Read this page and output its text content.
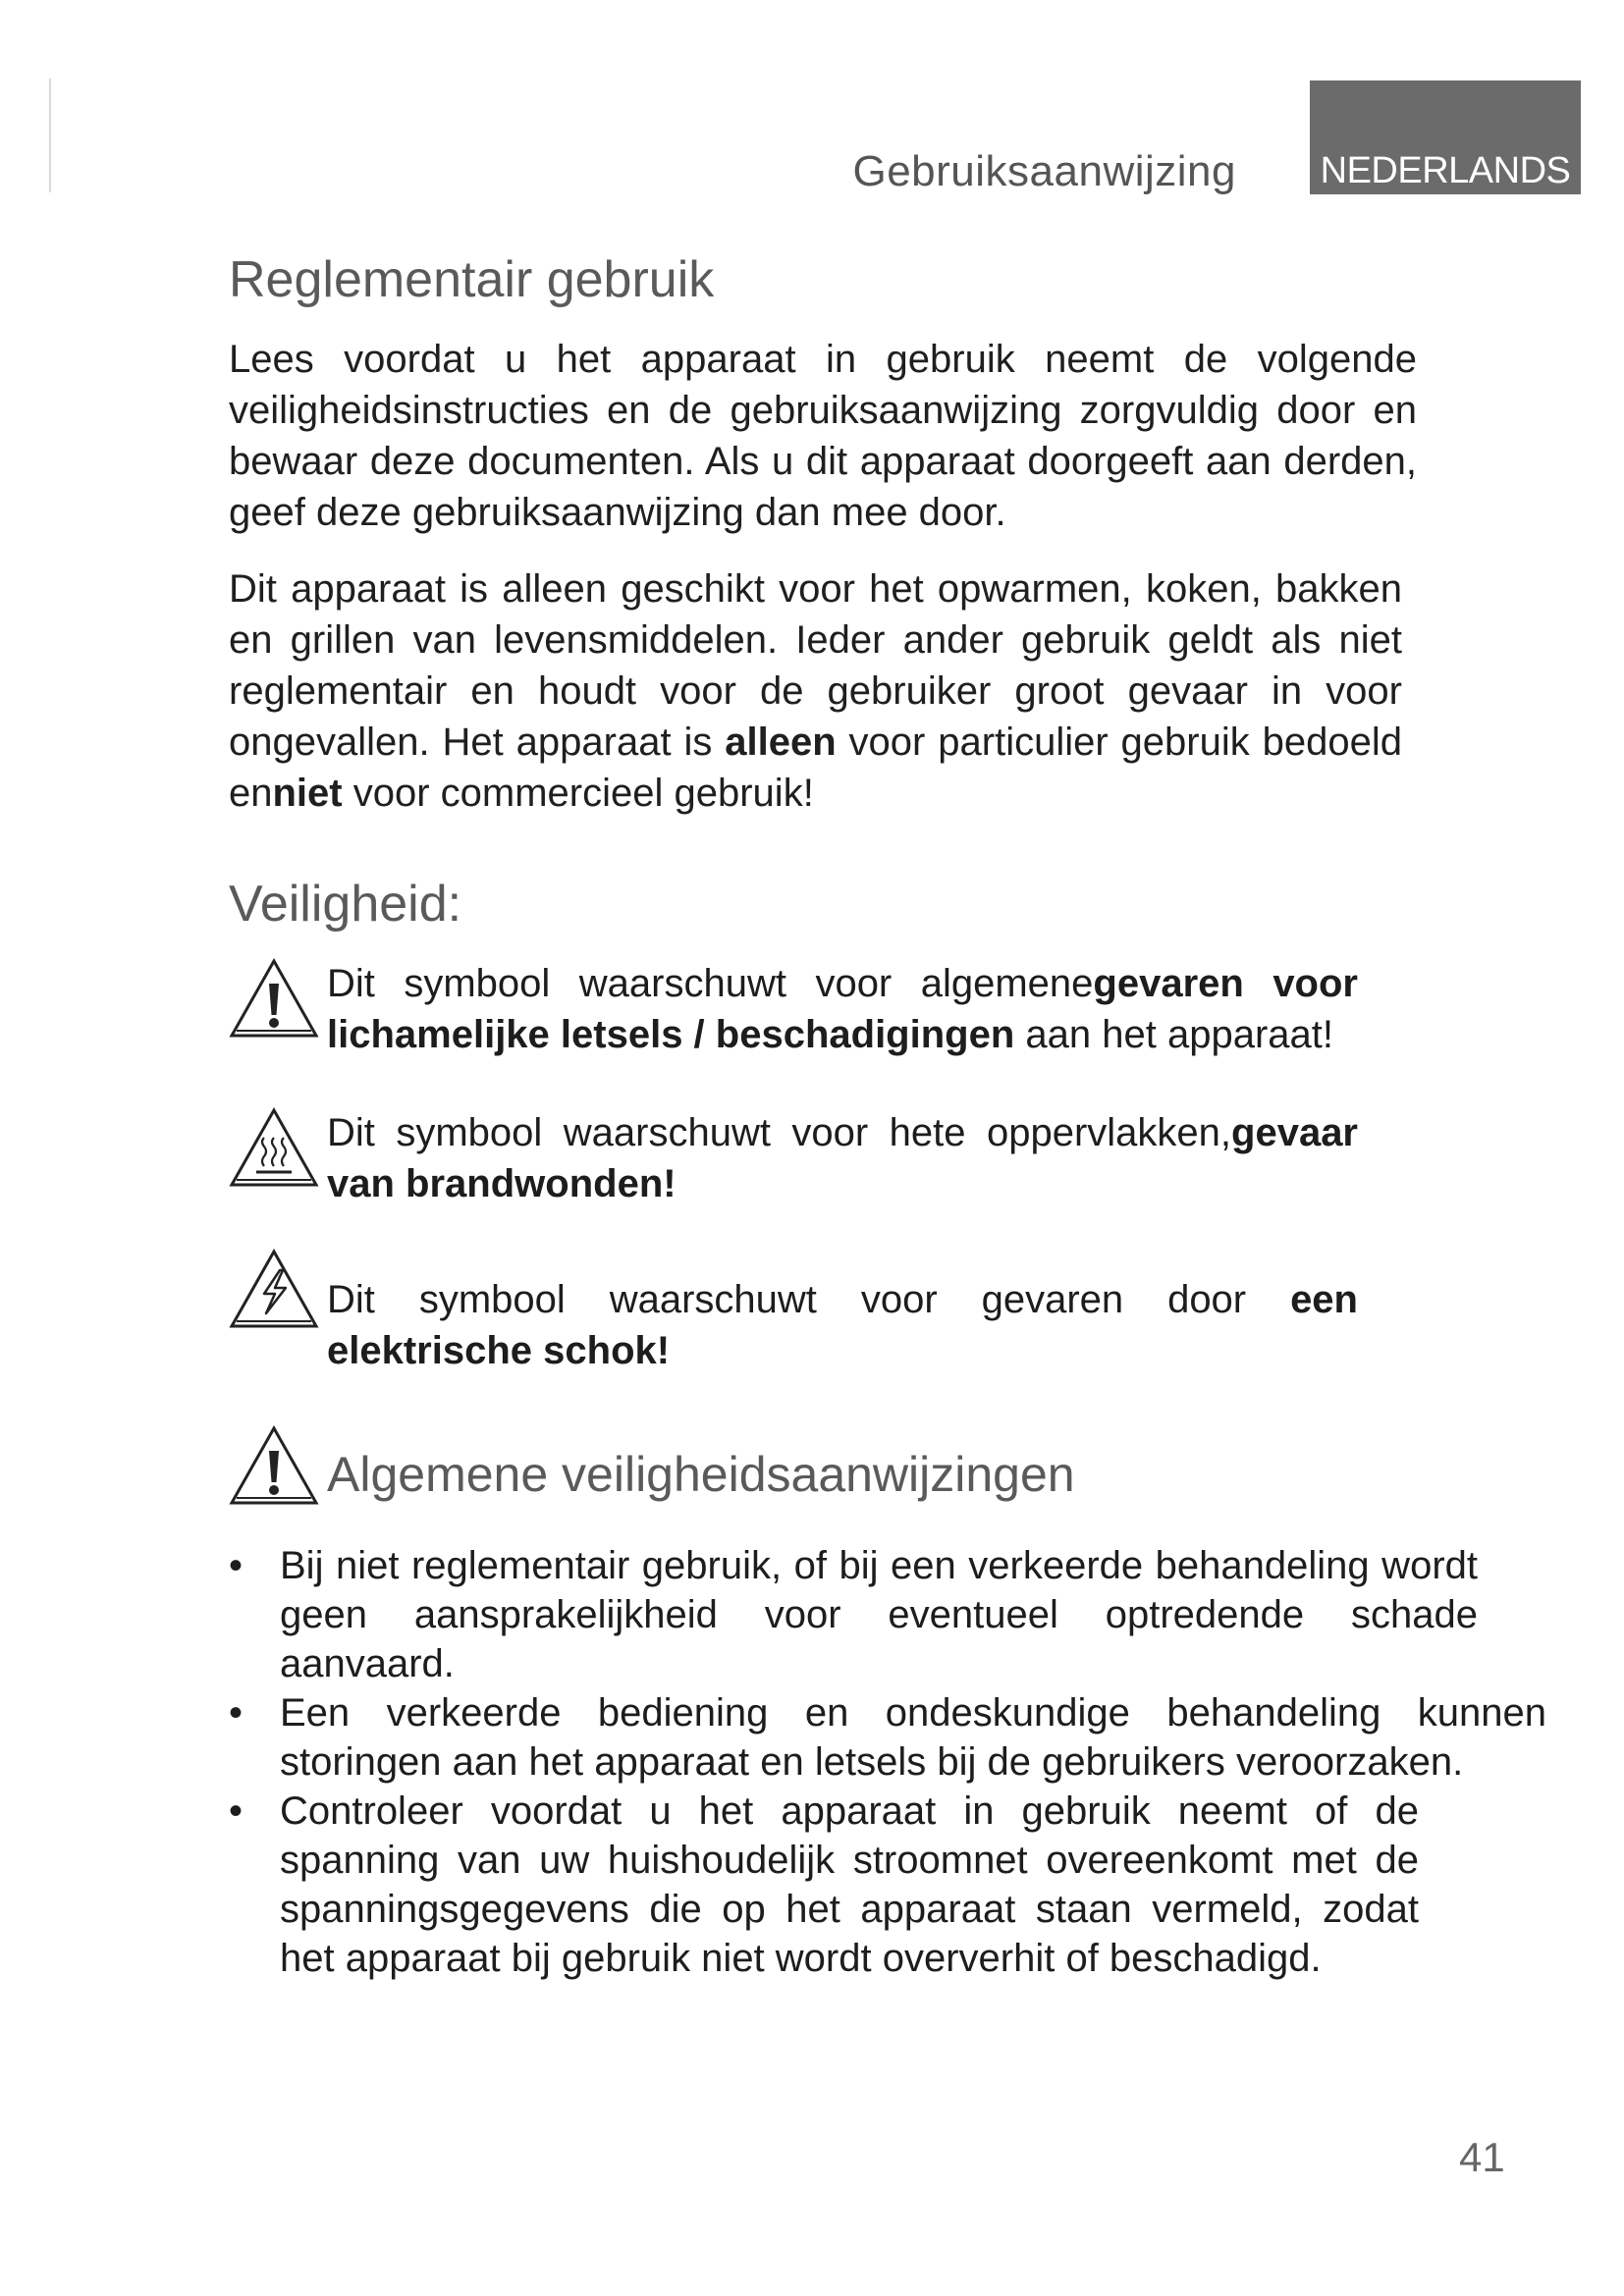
Gebruiksaanwijzing NEDERLANDS
Reglementair gebruik

Lees voordat u het apparaat in gebruik neemt de volgende veiligheidsinstructies en de gebruiksaanwijzing zorgvuldig door en bewaar deze documenten. Als u dit apparaat doorgeeft aan derden, geef deze gebruiksaanwijzing dan mee door.

Dit apparaat is alleen geschikt voor het opwarmen, koken, bakken en grillen van levensmiddelen. Ieder ander gebruik geldt als niet reglementair en houdt voor de gebruiker groot gevaar in voor ongevallen. Het apparaat is alleen voor particulier gebruik bedoeld enniet voor commercieel gebruik!

Veiligheid:
Dit symbool waarschuwt voor algemenegevaren voor lichamelijke letsels / beschadigingen aan het apparaat!
Dit symbool waarschuwt voor hete oppervlakken,gevaar van brandwonden!
Dit symbool waarschuwt voor gevaren door een elektrische schok!
Algemene veiligheidsaanwijzingen
• Bij niet reglementair gebruik, of bij een verkeerde behandeling wordt geen aansprakelijkheid voor eventueel optredende schade aanvaard.
• Een verkeerde bediening en ondeskundige behandeling kunnen storingen aan het apparaat en letsels bij de gebruikers veroorzaken.
• Controleer voordat u het apparaat in gebruik neemt of de spanning van uw huishoudelijk stroomnet overeenkomt met de spanningsgegevens die op het apparaat staan vermeld, zodat het apparaat bij gebruik niet wordt oververhit of beschadigd.
41
